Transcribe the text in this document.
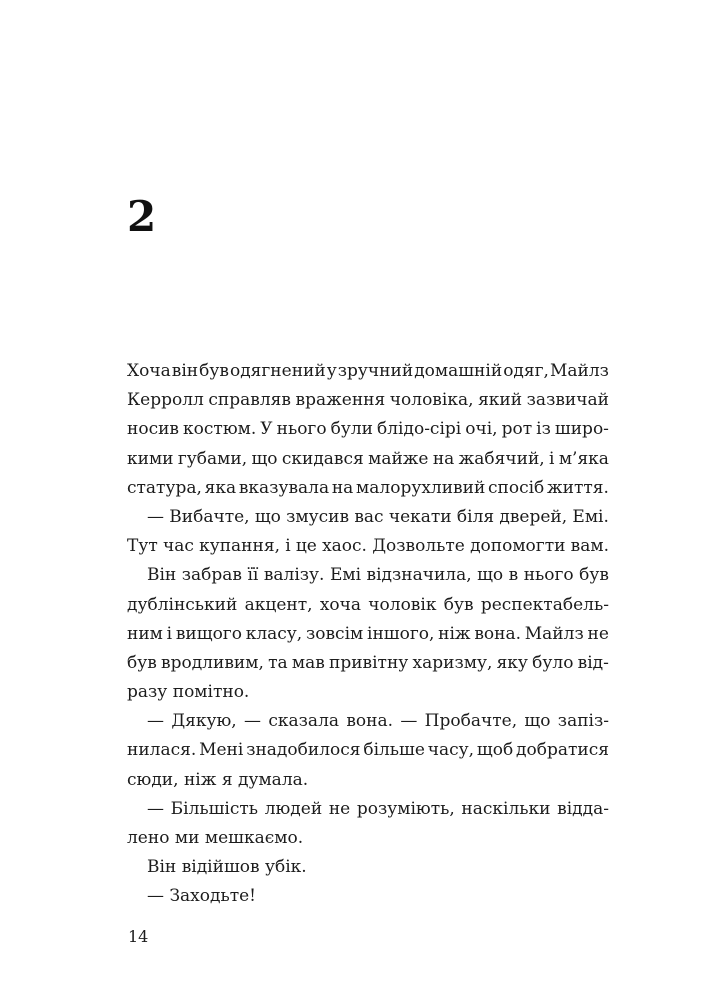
2
Хоча він був одягнений у зручний домашній одяг, Майлз
Керролл справляв враження чоловіка, який зазвичай
носив костюм. У нього були блідо-сірі очі, рот із широ-
кими губами, що скидався майже на жабячий, і м’яка
статура, яка вказувала на малорухливий спосіб життя.
— Вибачте, що змусив вас чекати біля дверей, Емі.
Тут час купання, і це хаос. Дозвольте допомогти вам.
Він забрав її валізу. Емі відзначила, що в нього був
дублінський акцент, хоча чоловік був респектабель-
ним і вищого класу, зовсім іншого, ніж вона. Майлз не
був вродливим, та мав привітну харизму, яку було від-
разу помітно.
— Дякую, — сказала вона. — Пробачте, що запіз-
нилася. Мені знадобилося більше часу, щоб добратися
сюди, ніж я думала.
— Більшість людей не розуміють, наскільки відда-
лено ми мешкаємо.
Він відійшов убік.
— Заходьте!
14
